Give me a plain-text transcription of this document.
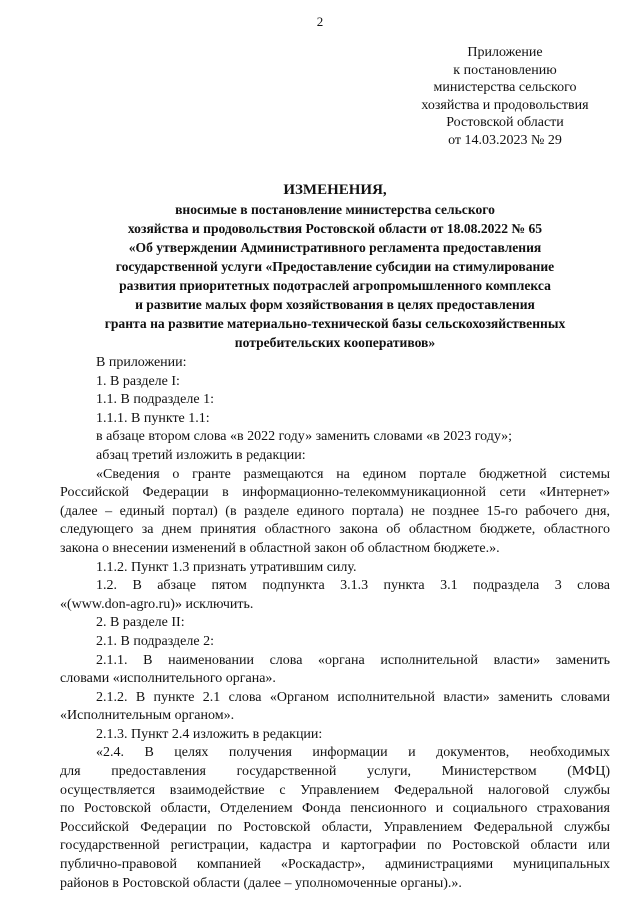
2
Приложение
к постановлению
министерства сельского
хозяйства и продовольствия
Ростовской области
от 14.03.2023 № 29
ИЗМЕНЕНИЯ,
вносимые в постановление министерства сельского
хозяйства и продовольствия Ростовской области от 18.08.2022 № 65
«Об утверждении Административного регламента предоставления
государственной услуги «Предоставление субсидии на стимулирование
развития приоритетных подотраслей агропромышленного комплекса
и развитие малых форм хозяйствования в целях предоставления
гранта на развитие материально-технической базы сельскохозяйственных
потребительских кооперативов»
В приложении:
1. В разделе I:
1.1. В подразделе 1:
1.1.1. В пункте 1.1:
в абзаце втором слова «в 2022 году» заменить словами «в 2023 году»;
абзац третий изложить в редакции:
«Сведения о гранте размещаются на едином портале бюджетной системы
Российской Федерации в информационно-телекоммуникационной сети «Интернет»
(далее – единый портал) (в разделе единого портала) не позднее 15-го рабочего дня,
следующего за днем принятия областного закона об областном бюджете, областного
закона о внесении изменений в областной закон об областном бюджете.».
1.1.2. Пункт 1.3 признать утратившим силу.
1.2. В абзаце пятом подпункта 3.1.3 пункта 3.1 подраздела 3 слова
«(www.don-agro.ru)» исключить.
2. В разделе II:
2.1. В подразделе 2:
2.1.1. В наименовании слова «органа исполнительной власти» заменить
словами «исполнительного органа».
2.1.2. В пункте 2.1 слова «Органом исполнительной власти» заменить словами
«Исполнительным органом».
2.1.3. Пункт 2.4 изложить в редакции:
«2.4. В целях получения информации и документов, необходимых
для предоставления государственной услуги, Министерством (МФЦ)
осуществляется взаимодействие с Управлением Федеральной налоговой службы
по Ростовской области, Отделением Фонда пенсионного и социального страхования
Российской Федерации по Ростовской области, Управлением Федеральной службы
государственной регистрации, кадастра и картографии по Ростовской области или
публично-правовой компанией «Роскадастр», администрациями муниципальных
районов в Ростовской области (далее – уполномоченные органы).».
